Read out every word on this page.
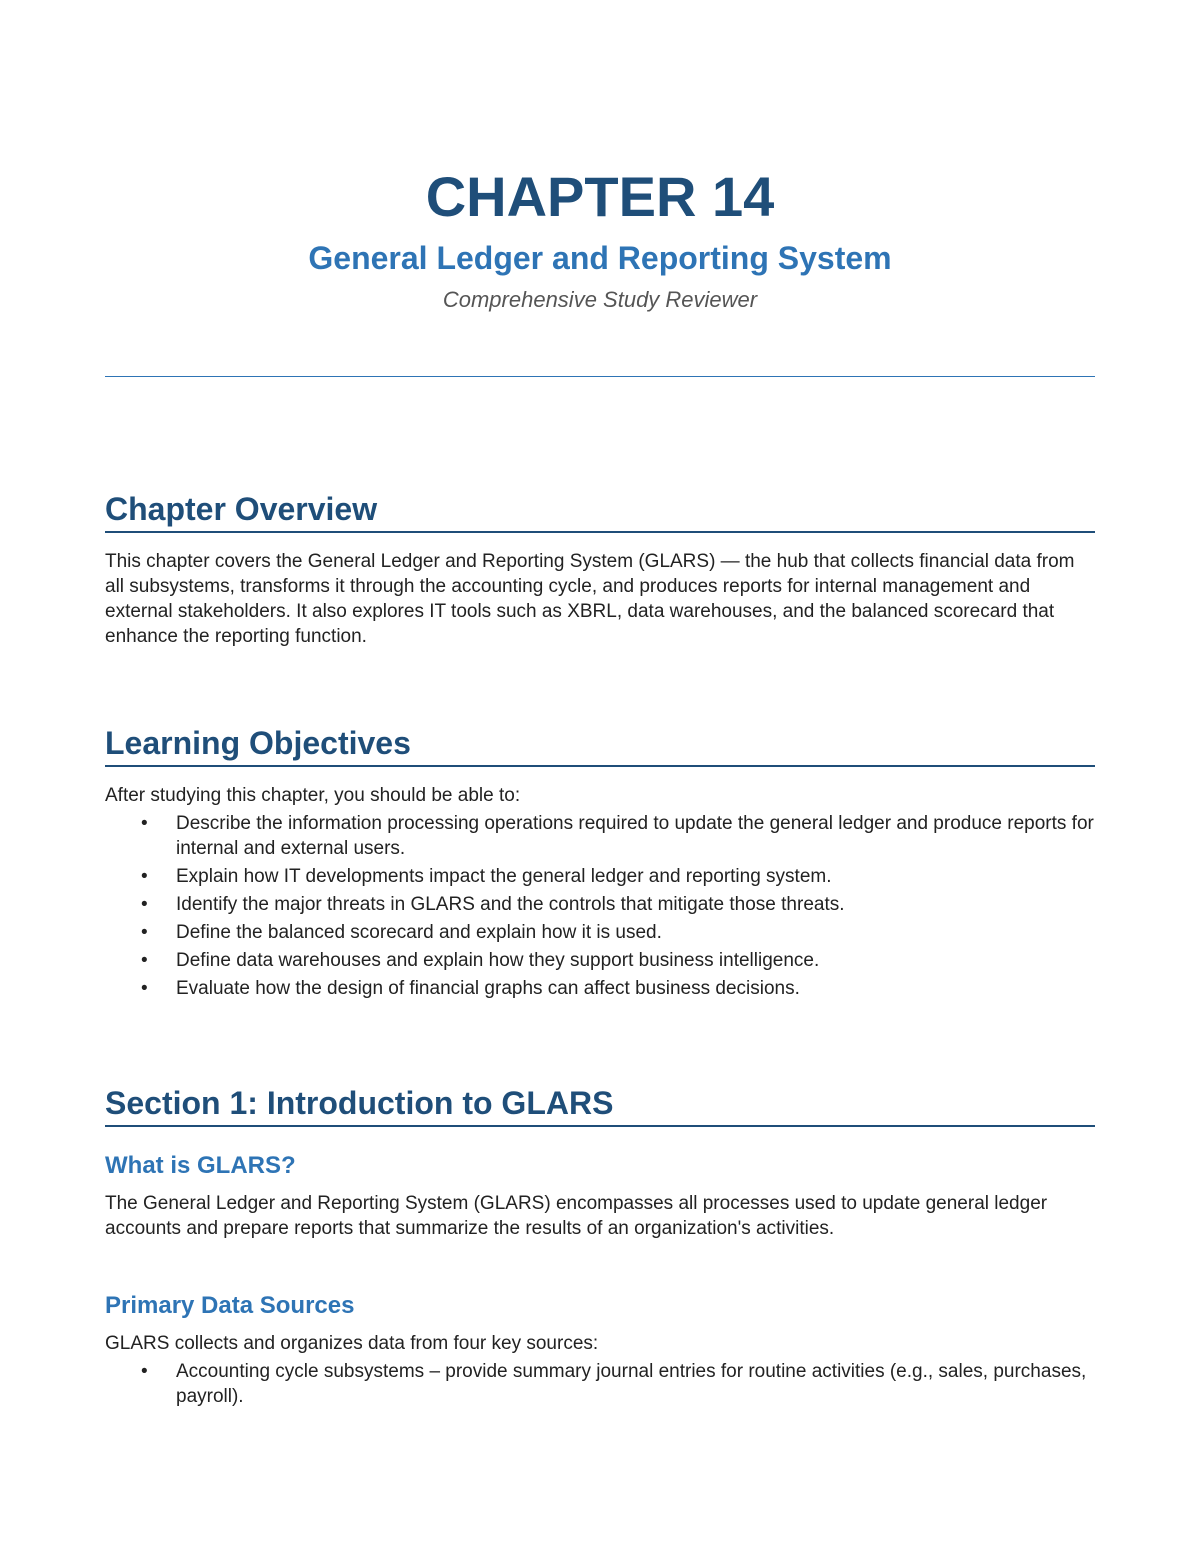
CHAPTER 14
General Ledger and Reporting System
Comprehensive Study Reviewer
Chapter Overview

This chapter covers the General Ledger and Reporting System (GLARS) — the hub that collects financial data from all subsystems, transforms it through the accounting cycle, and produces reports for internal management and external stakeholders. It also explores IT tools such as XBRL, data warehouses, and the balanced scorecard that enhance the reporting function.

Learning Objectives

After studying this chapter, you should be able to:

• Describe the information processing operations required to update the general ledger and produce reports for internal and external users.
• Explain how IT developments impact the general ledger and reporting system.
• Identify the major threats in GLARS and the controls that mitigate those threats.
• Define the balanced scorecard and explain how it is used.
• Define data warehouses and explain how they support business intelligence.
• Evaluate how the design of financial graphs can affect business decisions.
Section 1: Introduction to GLARS
What is GLARS?

The General Ledger and Reporting System (GLARS) encompasses all processes used to update general ledger accounts and prepare reports that summarize the results of an organization's activities.

Primary Data Sources

GLARS collects and organizes data from four key sources:

• Accounting cycle subsystems – provide summary journal entries for routine activities (e.g., sales, purchases, payroll).
